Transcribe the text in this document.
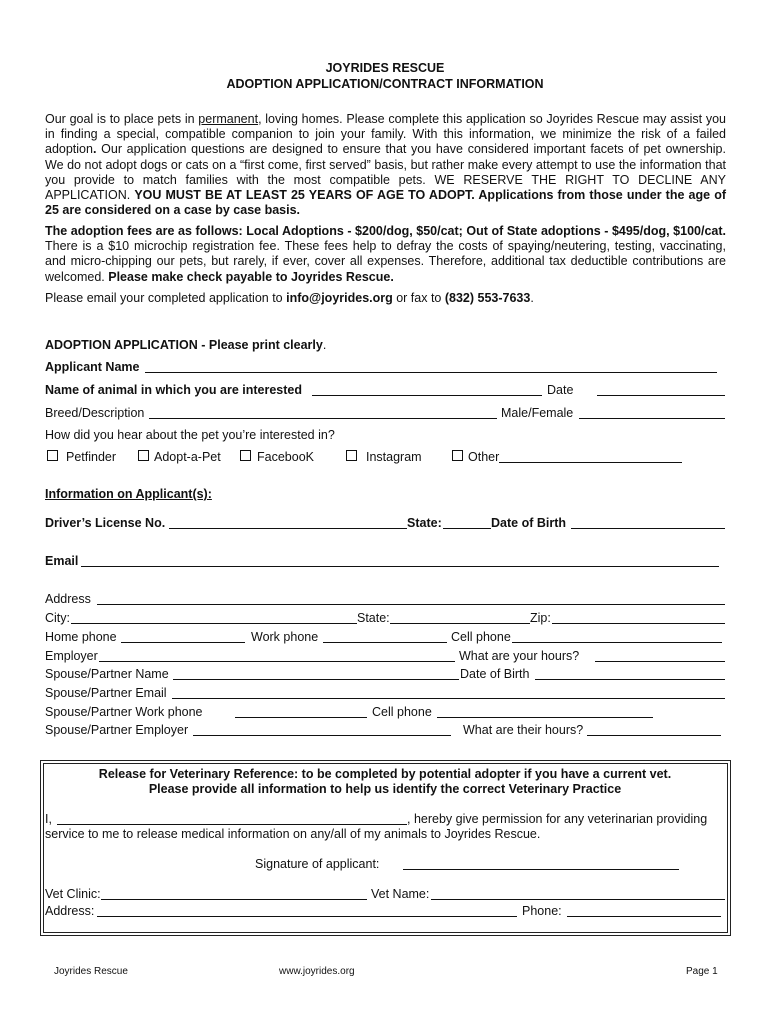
JOYRIDES RESCUE
ADOPTION APPLICATION/CONTRACT INFORMATION

Our goal is to place pets in permanent, loving homes. Please complete this application so Joyrides Rescue may assist you in finding a special, compatible companion to join your family. With this information, we minimize the risk of a failed adoption. Our application questions are designed to ensure that you have considered important facets of pet ownership. We do not adopt dogs or cats on a “first come, first served” basis, but rather make every attempt to use the information that you provide to match families with the most compatible pets. WE RESERVE THE RIGHT TO DECLINE ANY APPLICATION. YOU MUST BE AT LEAST 25 YEARS OF AGE TO ADOPT. Applications from those under the age of 25 are considered on a case by case basis.

The adoption fees are as follows: Local Adoptions - $200/dog, $50/cat; Out of State adoptions - $495/dog, $100/cat. There is a $10 microchip registration fee. These fees help to defray the costs of spaying/neutering, testing, vaccinating, and micro-chipping our pets, but rarely, if ever, cover all expenses. Therefore, additional tax deductible contributions are welcomed. Please make check payable to Joyrides Rescue.

Please email your completed application to info@joyrides.org or fax to (832) 553-7633.

ADOPTION APPLICATION - Please print clearly.
Applicant Name
Name of animal in which you are interested	Date
Breed/Description	Male/Female
How did you hear about the pet you’re interested in?
Petfinder	Adopt-a-Pet	FacebooK	Instagram	Other
Information on Applicant(s):
Driver’s License No.	State:	Date of Birth
Email
Address
City:	State:	Zip:
Home phone	Work phone	Cell phone
Employer	What are your hours?
Spouse/Partner Name	Date of Birth
Spouse/Partner Email
Spouse/Partner Work phone	Cell phone
Spouse/Partner Employer	What are their hours?
Release for Veterinary Reference: to be completed by potential adopter if you have a current vet.
Please provide all information to help us identify the correct Veterinary Practice
I,	, hereby give permission for any veterinarian providing
service to me to release medical information on any/all of my animals to Joyrides Rescue.
Signature of applicant:
Vet Clinic:	Vet Name:
Address:	Phone:
Joyrides Rescue	www.joyrides.org	Page 1
